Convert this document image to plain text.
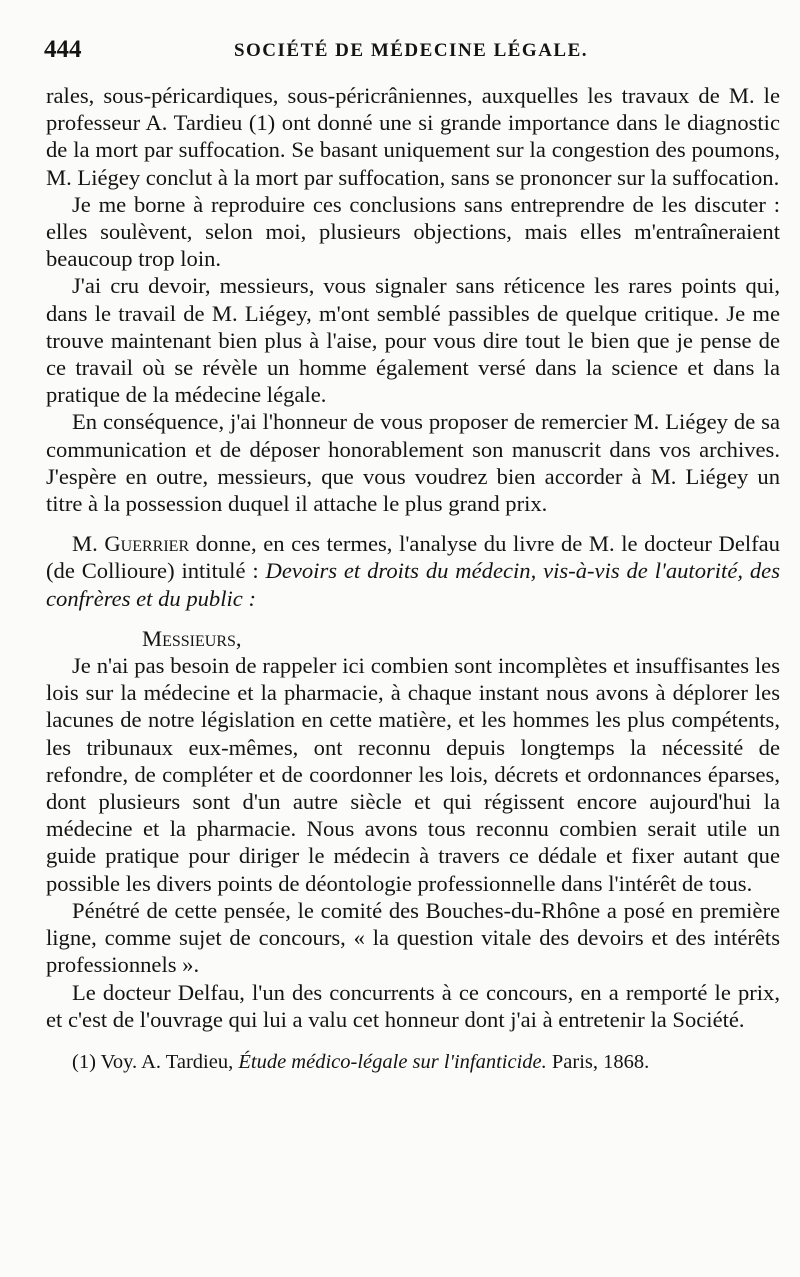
444	SOCIÉTÉ DE MÉDECINE LÉGALE.

rales, sous-péricardiques, sous-péricrâniennes, auxquelles les travaux de M. le professeur A. Tardieu (1) ont donné une si grande importance dans le diagnostic de la mort par suffocation. Se basant uniquement sur la congestion des poumons, M. Liégey conclut à la mort par suffocation, sans se prononcer sur la suffocation.

Je me borne à reproduire ces conclusions sans entreprendre de les discuter : elles soulèvent, selon moi, plusieurs objections, mais elles m'entraîneraient beaucoup trop loin.

J'ai cru devoir, messieurs, vous signaler sans réticence les rares points qui, dans le travail de M. Liégey, m'ont semblé passibles de quelque critique. Je me trouve maintenant bien plus à l'aise, pour vous dire tout le bien que je pense de ce travail où se révèle un homme également versé dans la science et dans la pratique de la médecine légale.

En conséquence, j'ai l'honneur de vous proposer de remercier M. Liégey de sa communication et de déposer honorablement son manuscrit dans vos archives. J'espère en outre, messieurs, que vous voudrez bien accorder à M. Liégey un titre à la possession duquel il attache le plus grand prix.

M. Guerrier donne, en ces termes, l'analyse du livre de M. le docteur Delfau (de Collioure) intitulé : Devoirs et droits du médecin, vis-à-vis de l'autorité, des confrères et du public :

Messieurs,

Je n'ai pas besoin de rappeler ici combien sont incomplètes et insuffisantes les lois sur la médecine et la pharmacie, à chaque instant nous avons à déplorer les lacunes de notre législation en cette matière, et les hommes les plus compétents, les tribunaux eux-mêmes, ont reconnu depuis longtemps la nécessité de refondre, de compléter et de coordonner les lois, décrets et ordonnances éparses, dont plusieurs sont d'un autre siècle et qui régissent encore aujourd'hui la médecine et la pharmacie. Nous avons tous reconnu combien serait utile un guide pratique pour diriger le médecin à travers ce dédale et fixer autant que possible les divers points de déontologie professionnelle dans l'intérêt de tous.

Pénétré de cette pensée, le comité des Bouches-du-Rhône a posé en première ligne, comme sujet de concours, « la question vitale des devoirs et des intérêts professionnels ».

Le docteur Delfau, l'un des concurrents à ce concours, en a remporté le prix, et c'est de l'ouvrage qui lui a valu cet honneur dont j'ai à entretenir la Société.

(1) Voy. A. Tardieu, Étude médico-légale sur l'infanticide. Paris, 1868.
